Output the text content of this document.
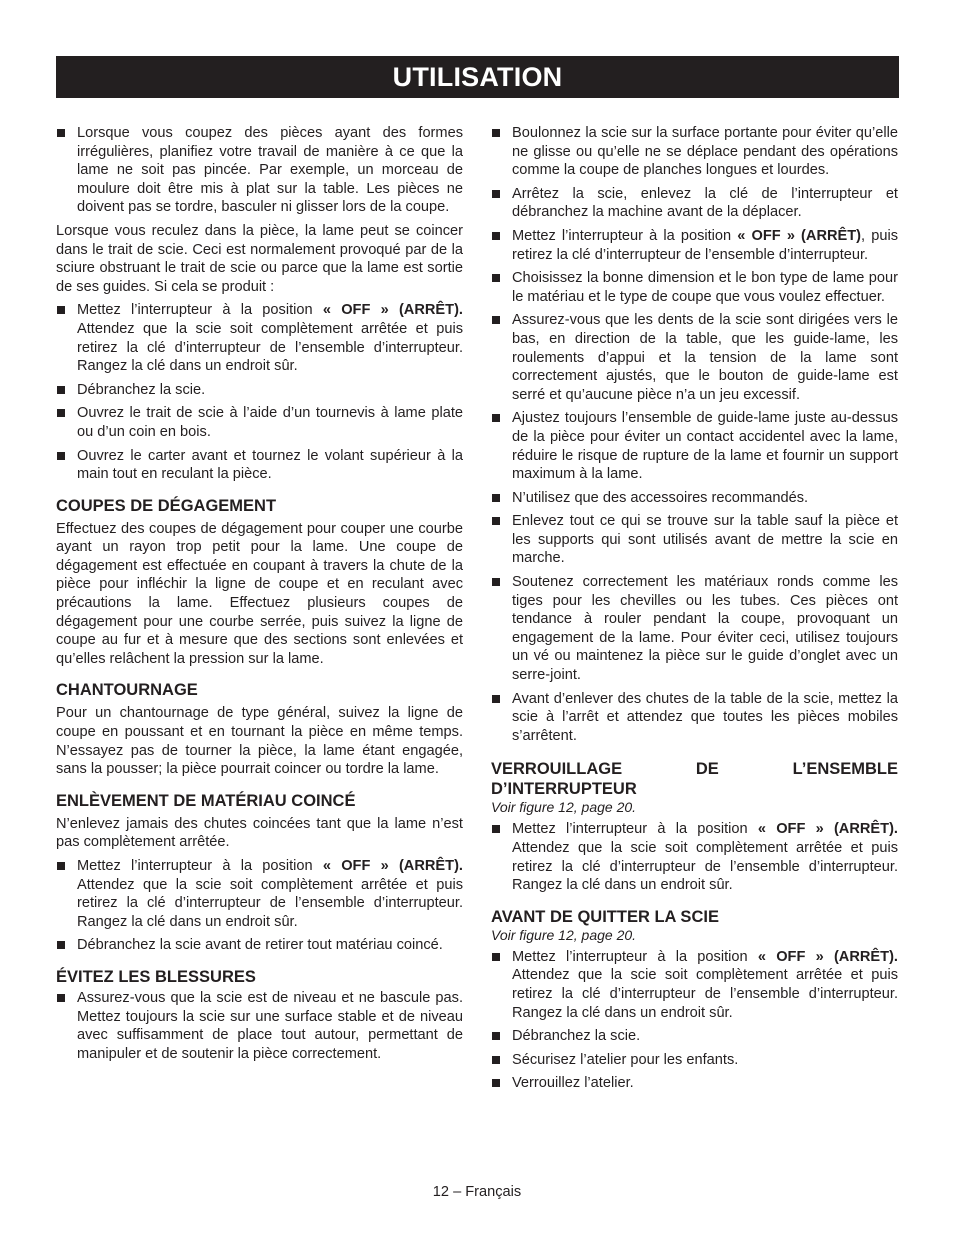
UTILISATION
Lorsque vous coupez des pièces ayant des formes irrégulières, planifiez votre travail de manière à ce que la lame ne soit pas pincée. Par exemple, un morceau de moulure doit être mis à plat sur la table. Les pièces ne doivent pas se tordre, basculer ni glisser lors de la coupe.

Lorsque vous reculez dans la pièce, la lame peut se coincer dans le trait de scie. Ceci est normalement provoqué par de la sciure obstruant le trait de scie ou parce que la lame est sortie de ses guides. Si cela se produit :

Mettez l’interrupteur à la position « OFF » (ARRÊT). Attendez que la scie soit complètement arrêtée et puis retirez la clé d’interrupteur de l’ensemble d’interrupteur. Rangez la clé dans un endroit sûr.
Débranchez la scie.
Ouvrez le trait de scie à l’aide d’un tournevis à lame plate ou d’un coin en bois.
Ouvrez le carter avant et tournez le volant supérieur à la main tout en reculant la pièce.
COUPES DE DÉGAGEMENT

Effectuez des coupes de dégagement pour couper une courbe ayant un rayon trop petit pour la lame. Une coupe de dégagement est effectuée en coupant à travers la chute de la pièce pour infléchir la ligne de coupe et en reculant avec précautions la lame. Effectuez plusieurs coupes de dégagement pour une courbe serrée, puis suivez la ligne de coupe au fur et à mesure que des sections sont enlevées et qu’elles relâchent la pression sur la lame.

CHANTOURNAGE

Pour un chantournage de type général, suivez la ligne de coupe en poussant et en tournant la pièce en même temps. N’essayez pas de tourner la pièce, la lame étant engagée, sans la pousser; la pièce pourrait coincer ou tordre la lame.

ENLÈVEMENT DE MATÉRIAU COINCÉ

N’enlevez jamais des chutes coincées tant que la lame n’est pas complètement arrêtée.

Mettez l’interrupteur à la position « OFF » (ARRÊT). Attendez que la scie soit complètement arrêtée et puis retirez la clé d’interrupteur de l’ensemble d’interrupteur. Rangez la clé dans un endroit sûr.
Débranchez la scie avant de retirer tout matériau coincé.
ÉVITEZ LES BLESSURES
Assurez-vous que la scie est de niveau et ne bascule pas. Mettez toujours la scie sur une surface stable et de niveau avec suffisamment de place tout autour, permettant de manipuler et de soutenir la pièce correctement.
Boulonnez la scie sur la surface portante pour éviter qu’elle ne glisse ou qu’elle ne se déplace pendant des opérations comme la coupe de planches longues et lourdes.
Arrêtez la scie, enlevez la clé de l’interrupteur et débranchez la machine avant de la déplacer.
Mettez l’interrupteur à la position « OFF » (ARRÊT), puis retirez la clé d’interrupteur de l’ensemble d’interrupteur.
Choisissez la bonne dimension et le bon type de lame pour le matériau et le type de coupe que vous voulez effectuer.
Assurez-vous que les dents de la scie sont dirigées vers le bas, en direction de la table, que les guide-lame, les roulements d’appui et la tension de la lame sont correctement ajustés, que le bouton de guide-lame est serré et qu’aucune pièce n’a un jeu excessif.
Ajustez toujours l’ensemble de guide-lame juste au-dessus de la pièce pour éviter un contact accidentel avec la lame, réduire le risque de rupture de la lame et fournir un support maximum à la lame.
N’utilisez que des accessoires recommandés.
Enlevez tout ce qui se trouve sur la table sauf la pièce et les supports qui sont utilisés avant de mettre la scie en marche.
Soutenez correctement les matériaux ronds comme les tiges pour les chevilles ou les tubes. Ces pièces ont tendance à rouler pendant la coupe, provoquant un engagement de la lame. Pour éviter ceci, utilisez toujours un vé ou maintenez la pièce sur le guide d’onglet avec un serre-joint.
Avant d’enlever des chutes de la table de la scie, mettez la scie à l’arrêt et attendez que toutes les pièces mobiles s’arrêtent.
VERROUILLAGE DE L’ENSEMBLE D’INTERRUPTEUR

Voir figure 12, page 20.

Mettez l’interrupteur à la position « OFF » (ARRÊT). Attendez que la scie soit complètement arrêtée et puis retirez la clé d’interrupteur de l’ensemble d’interrupteur. Rangez la clé dans un endroit sûr.
AVANT DE QUITTER LA SCIE

Voir figure 12, page 20.

Mettez l’interrupteur à la position « OFF » (ARRÊT). Attendez que la scie soit complètement arrêtée et puis retirez la clé d’interrupteur de l’ensemble d’interrupteur. Rangez la clé dans un endroit sûr.
Débranchez la scie.
Sécurisez l’atelier pour les enfants.
Verrouillez l’atelier.
12 – Français
